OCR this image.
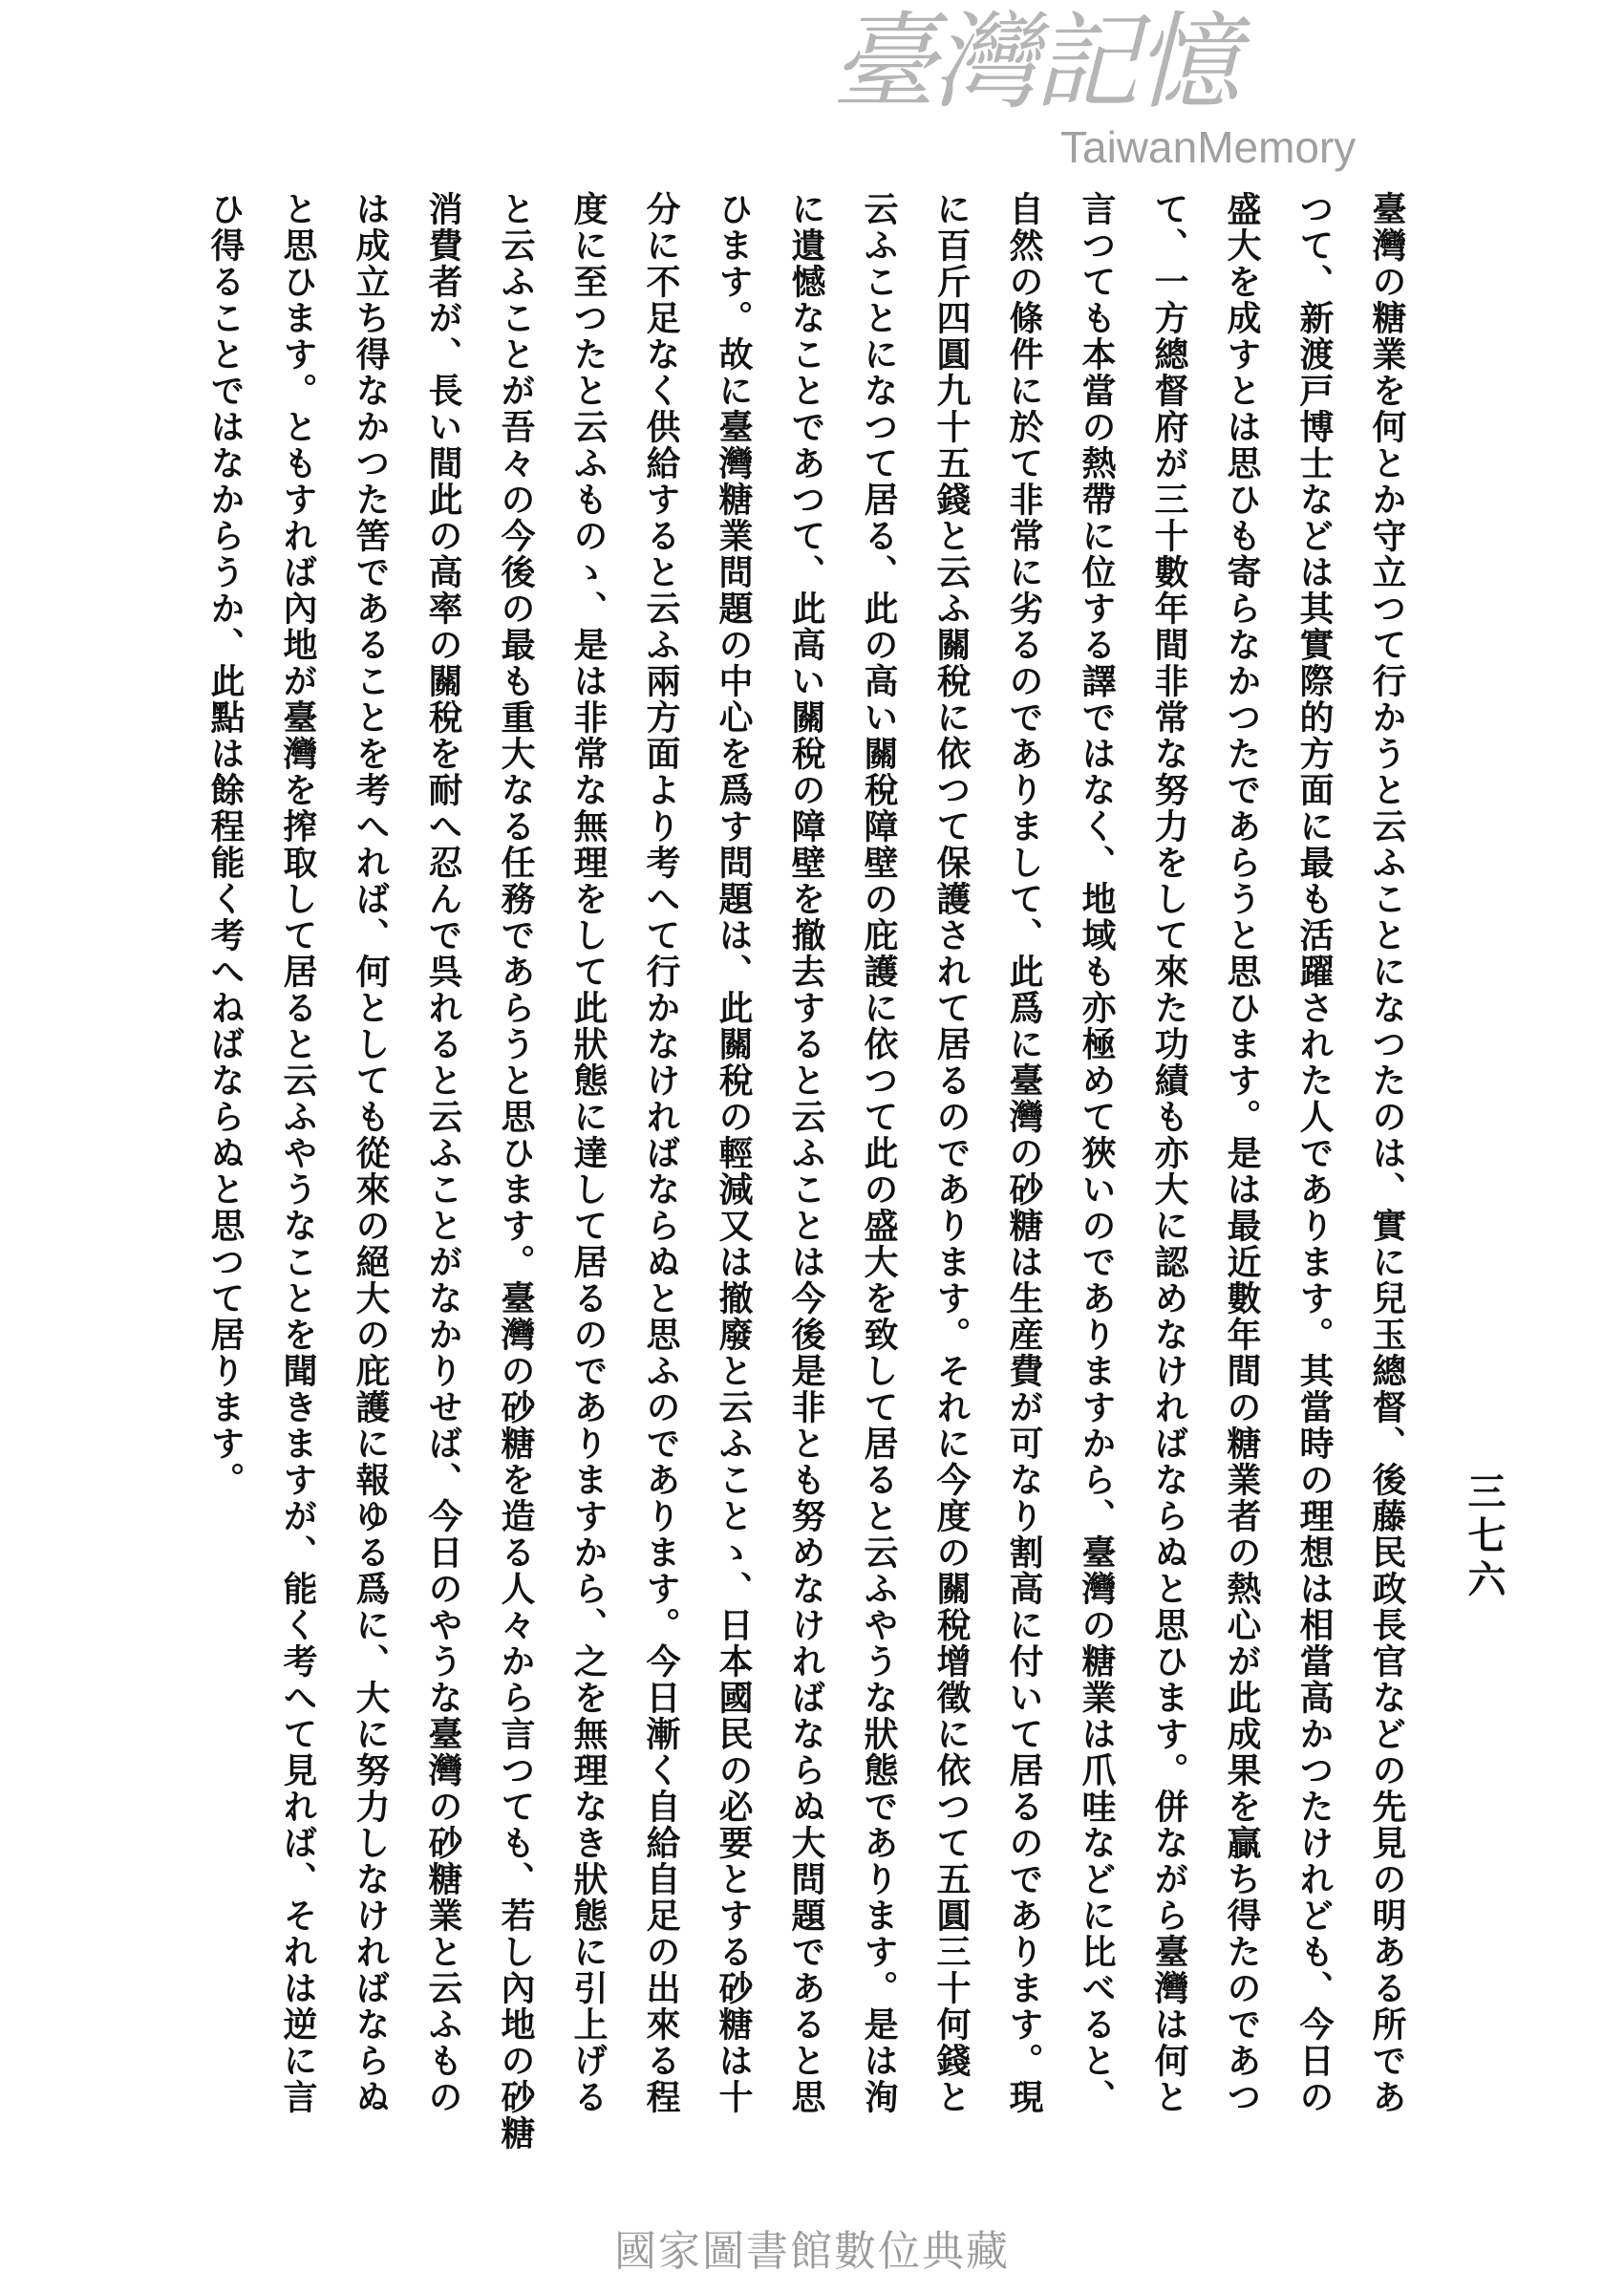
三七六
臺灣の糖業を何とか守立つて行かうと云ふことになつたのは、實に兒玉總督、後藤民政長官などの先見の明ある所であ
つて、新渡戸博士などは其實際的方面に最も活躍された人であります。其當時の理想は相當高かつたけれども、今日の
盛大を成すとは思ひも寄らなかつたであらうと思ひます。是は最近數年間の糖業者の熱心が此成果を贏ち得たのであつ
て、一方總督府が三十數年間非常な努力をして來た功績も亦大に認めなければならぬと思ひます。併ながら臺灣は何と
言つても本當の熱帶に位する譯ではなく、地域も亦極めて狹いのでありますから、臺灣の糖業は爪哇などに比べると、
自然の條件に於て非常に劣るのでありまして、此爲に臺灣の砂糖は生産費が可なり割高に付いて居るのであります。現
に百斤四圓九十五錢と云ふ關稅に依つて保護されて居るのであります。それに今度の關稅增徵に依つて五圓三十何錢と
云ふことになつて居る、此の高い關稅障壁の庇護に依つて此の盛大を致して居ると云ふやうな狀態であります。是は洵
に遺憾なことであつて、此高い關稅の障壁を撤去すると云ふことは今後是非とも努めなければならぬ大問題であると思
ひます。故に臺灣糖業問題の中心を爲す問題は、此關稅の輕減又は撤廢と云ふことゝ、日本國民の必要とする砂糖は十
分に不足なく供給すると云ふ兩方面より考へて行かなければならぬと思ふのであります。今日漸く自給自足の出來る程
度に至つたと云ふものゝ、是は非常な無理をして此狀態に達して居るのでありますから、之を無理なき狀態に引上げる
と云ふことが吾々の今後の最も重大なる任務であらうと思ひます。臺灣の砂糖を造る人々から言つても、若し內地の砂糖
消費者が、長い間此の高率の關稅を耐へ忍んで呉れると云ふことがなかりせば、今日のやうな臺灣の砂糖業と云ふもの
は成立ち得なかつた筈であることを考へれば、何としても從來の絕大の庇護に報ゆる爲に、大に努力しなければならぬ
と思ひます。ともすれば內地が臺灣を搾取して居ると云ふやうなことを聞きますが、能く考へて見れば、それは逆に言
ひ得ることではなからうか、此點は餘程能く考へねばならぬと思つて居ります。
臺灣記憶
TaiwanMemory
國家圖書館數位典藏
